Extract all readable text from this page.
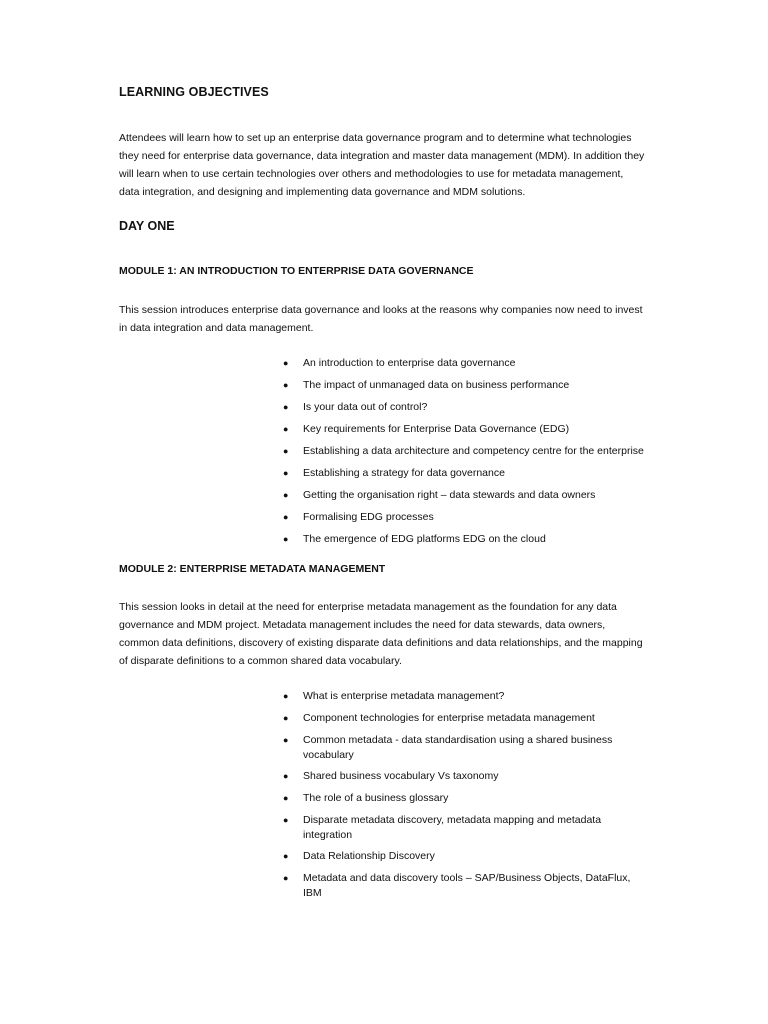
LEARNING OBJECTIVES

Attendees will learn how to set up an enterprise data governance program and to determine what technologies
they need for enterprise data governance, data integration and master data management (MDM). In addition they
will learn when to use certain technologies over others and methodologies to use for metadata management,
data integration, and designing and implementing data governance and MDM solutions.

DAY ONE
MODULE 1: AN INTRODUCTION TO ENTERPRISE DATA GOVERNANCE

This session introduces enterprise data governance and looks at the reasons why companies now need to invest
in data integration and data management.

● An introduction to enterprise data governance
● The impact of unmanaged data on business performance
● Is your data out of control?
● Key requirements for Enterprise Data Governance (EDG)
● Establishing a data architecture and competency centre for the enterprise
● Establishing a strategy for data governance
● Getting the organisation right – data stewards and data owners
● Formalising EDG processes
● The emergence of EDG platforms EDG on the cloud
MODULE 2: ENTERPRISE METADATA MANAGEMENT

This session looks in detail at the need for enterprise metadata management as the foundation for any data
governance and MDM project. Metadata management includes the need for data stewards, data owners,
common data definitions, discovery of existing disparate data definitions and data relationships, and the mapping
of disparate definitions to a common shared data vocabulary.

● What is enterprise metadata management?
● Component technologies for enterprise metadata management
● Common metadata - data standardisation using a shared business
vocabulary
● Shared business vocabulary Vs taxonomy
● The role of a business glossary
● Disparate metadata discovery, metadata mapping and metadata
integration
● Data Relationship Discovery
● Metadata and data discovery tools – SAP/Business Objects, DataFlux,
IBM
